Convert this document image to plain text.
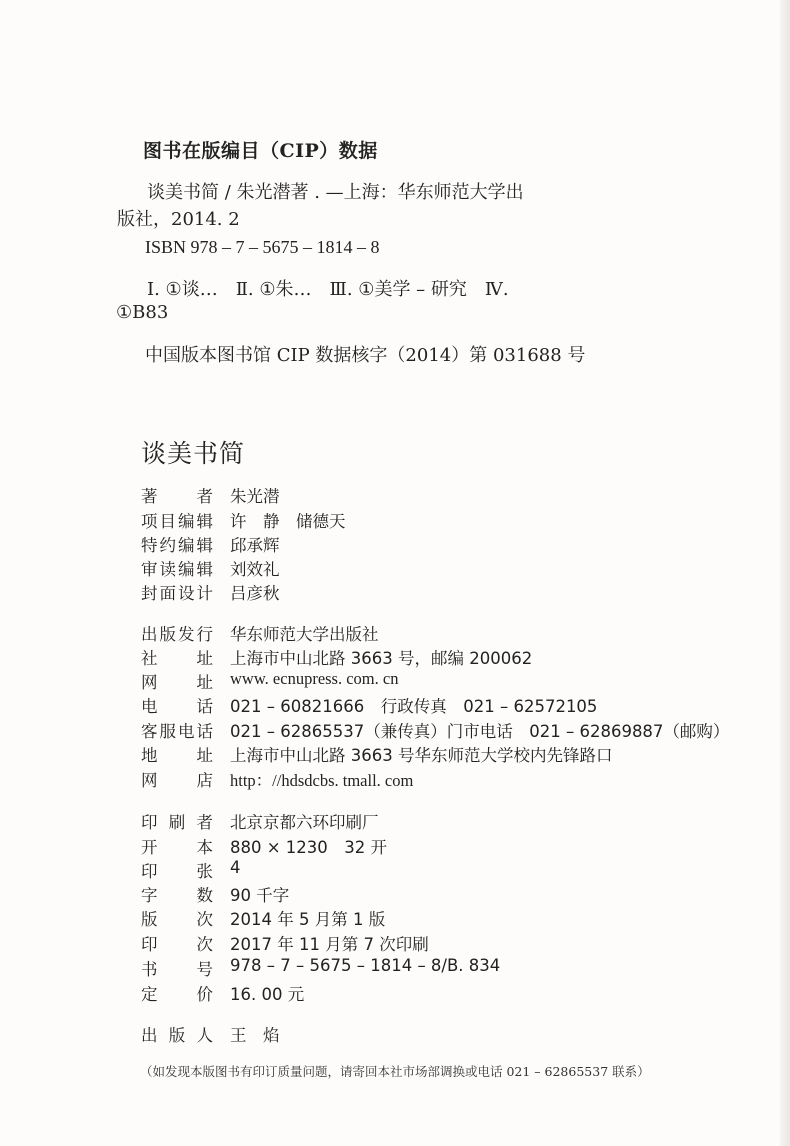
图书在版编目（CIP）数据
谈美书简 / 朱光潜著 . —上海：华东师范大学出
版社，2014. 2
ISBN 978 – 7 – 5675 – 1814 – 8
Ⅰ. ①谈…　Ⅱ. ①朱…　Ⅲ. ①美学 – 研究　Ⅳ.
①B83
中国版本图书馆 CIP 数据核字（2014）第 031688 号
谈美书简
著 者 朱光潜
项 目 编 辑 许　静　储德天
特 约 编 辑 邱承辉
审 读 编 辑 刘效礼
封 面 设 计 吕彦秋
出 版 发 行 华东师范大学出版社
社 址 上海市中山北路 3663 号，邮编 200062
网 址 www. ecnupress. com. cn
电 话 021 – 60821666　行政传真　021 – 62572105
客 服 电 话 021 – 62865537（兼传真）门市电话　021 – 62869887（邮购）
地 址 上海市中山北路 3663 号华东师范大学校内先锋路口
网 店 http：//hdsdcbs. tmall. com
印 刷 者 北京京都六环印刷厂
开 本 880 × 1230　32 开
印 张 4
字 数 90 千字
版 次 2014 年 5 月第 1 版
印 次 2017 年 11 月第 7 次印刷
书 号 978 – 7 – 5675 – 1814 – 8/B. 834
定 价 16. 00 元
出 版 人 王　焰
（如发现本版图书有印订质量问题，请寄回本社市场部调换或电话 021 – 62865537 联系）
